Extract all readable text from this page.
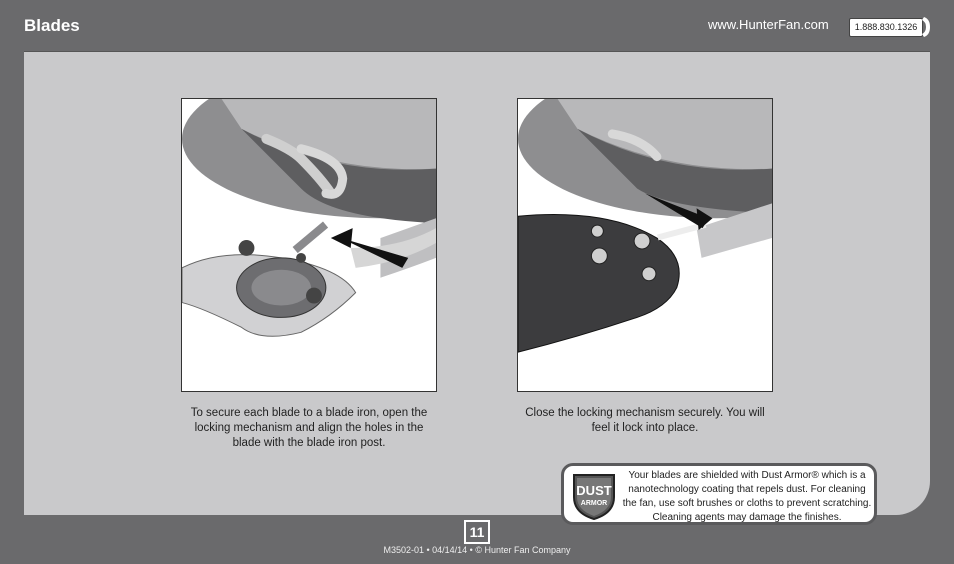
Blades	www.HunterFan.com	1.888.830.1326
To secure each blade to a blade iron, open the locking mechanism and align the holes in the blade with the blade iron post.
Close the locking mechanism securely. You will feel it lock into place.
DUST
ARMOR
Your blades are shielded with Dust Armor® which is a nanotechnology coating that repels dust. For cleaning the fan, use soft brushes or cloths to prevent scratching. Cleaning agents may damage the finishes.
11
M3502-01 • 04/14/14 • © Hunter Fan Company
